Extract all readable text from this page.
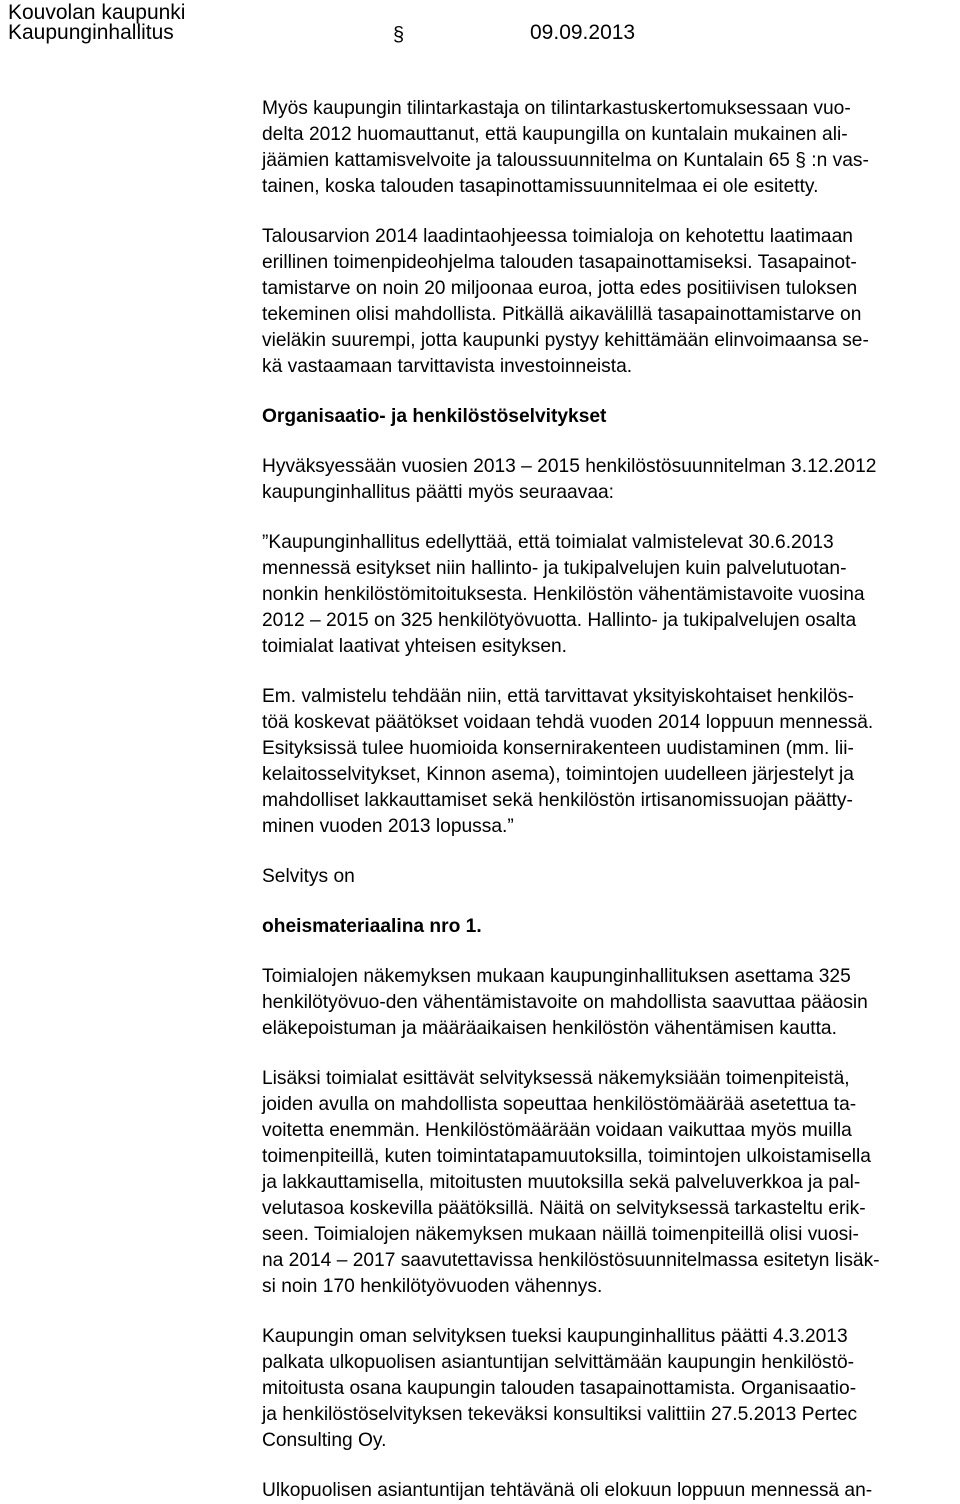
Kouvolan kaupunki
Kaupunginhallitus	§	09.09.2013

Myös kaupungin tilintarkastaja on tilintarkastuskertomuksessaan vuo-
delta 2012 huomauttanut, että kaupungilla on kuntalain mukainen ali-
jäämien kattamisvelvoite ja taloussuunnitelma on Kuntalain 65 § :n vas-
tainen, koska talouden tasapinottamissuunnitelmaa ei ole esitetty.

Talousarvion 2014 laadintaohjeessa toimialoja on kehotettu laatimaan
erillinen toimenpideohjelma talouden tasapainottamiseksi. Tasapainot-
tamistarve on noin 20 miljoonaa euroa, jotta edes positiivisen tuloksen
tekeminen olisi mahdollista. Pitkällä aikavälillä tasapainottamistarve on
vieläkin suurempi, jotta kaupunki pystyy kehittämään elinvoimaansa se-
kä vastaamaan tarvittavista investoinneista.

Organisaatio- ja henkilöstöselvitykset

Hyväksyessään vuosien 2013 – 2015 henkilöstösuunnitelman 3.12.2012
kaupunginhallitus päätti myös seuraavaa:

”Kaupunginhallitus edellyttää, että toimialat valmistelevat 30.6.2013
mennessä esitykset niin hallinto- ja tukipalvelujen kuin palvelutuotan-
nonkin henkilöstömitoituksesta. Henkilöstön vähentämistavoite vuosina
2012 – 2015 on 325 henkilötyövuotta. Hallinto- ja tukipalvelujen osalta
toimialat laativat yhteisen esityksen.

Em. valmistelu tehdään niin, että tarvittavat yksityiskohtaiset henkilös-
töä koskevat päätökset voidaan tehdä vuoden 2014 loppuun mennessä.
Esityksissä tulee huomioida konsernirakenteen uudistaminen (mm. lii-
kelaitosselvitykset, Kinnon asema), toimintojen uudelleen järjestelyt ja
mahdolliset lakkauttamiset sekä henkilöstön irtisanomissuojan päätty-
minen vuoden 2013 lopussa.”

Selvitys on

oheismateriaalina nro 1.

Toimialojen näkemyksen mukaan kaupunginhallituksen asettama 325
henkilötyövuo-den vähentämistavoite on mahdollista saavuttaa pääosin
eläkepoistuman ja määräaikaisen henkilöstön vähentämisen kautta.

Lisäksi toimialat esittävät selvityksessä näkemyksiään toimenpiteistä,
joiden avulla on mahdollista sopeuttaa henkilöstömäärää asetettua ta-
voitetta enemmän. Henkilöstömäärään voidaan vaikuttaa myös muilla
toimenpiteillä, kuten toimintatapamuutoksilla, toimintojen ulkoistamisella
ja lakkauttamisella, mitoitusten muutoksilla sekä palveluverkkoa ja pal-
velutasoa koskevilla päätöksillä. Näitä on selvityksessä tarkasteltu erik-
seen. Toimialojen näkemyksen mukaan näillä toimenpiteillä olisi vuosi-
na 2014 – 2017 saavutettavissa henkilöstösuunnitelmassa esitetyn lisäk-
si noin 170 henkilötyövuoden vähennys.

Kaupungin oman selvityksen tueksi kaupunginhallitus päätti 4.3.2013
palkata ulkopuolisen asiantuntijan selvittämään kaupungin henkilöstö-
mitoitusta osana kaupungin talouden tasapainottamista. Organisaatio-
ja henkilöstöselvityksen tekeväksi konsultiksi valittiin 27.5.2013 Pertec
Consulting Oy.

Ulkopuolisen asiantuntijan tehtävänä oli elokuun loppuun mennessä an-
